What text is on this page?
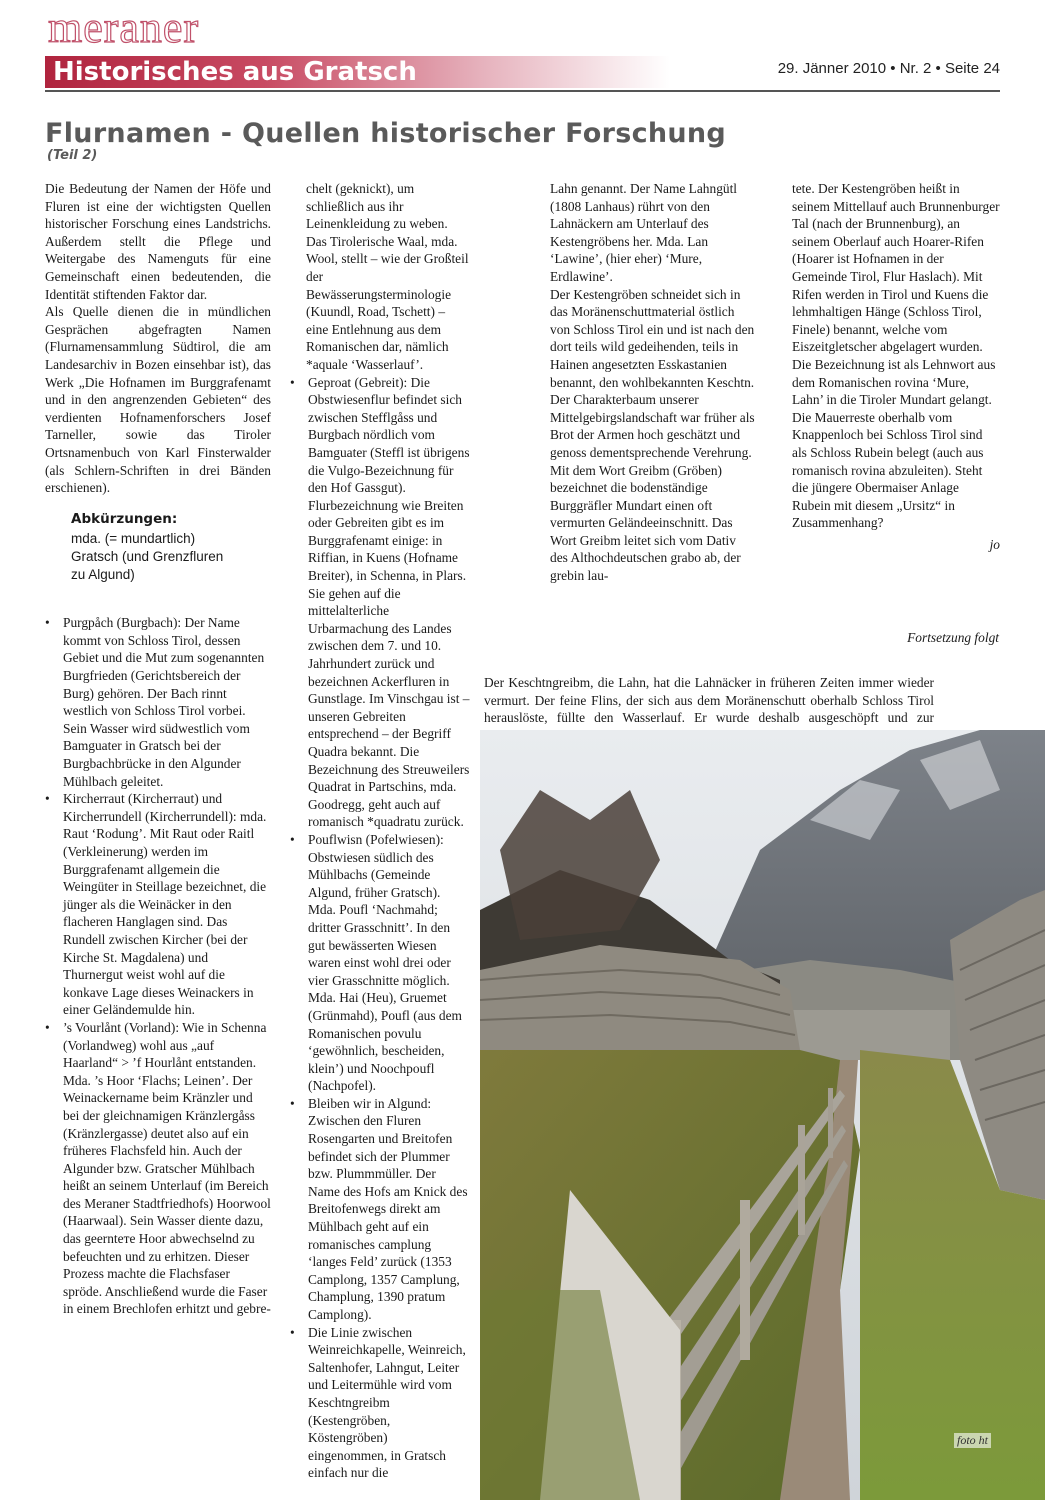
meraner
Historisches aus Gratsch	29. Jänner 2010 • Nr. 2 • Seite 24
Flurnamen - Quellen historischer Forschung
(Teil 2)

Die Bedeutung der Namen der Höfe und Fluren ist eine der wichtigsten Quellen historischer Forschung eines Landstrichs. Außerdem stellt die Pflege und Weitergabe des Namenguts für eine Gemeinschaft einen bedeutenden, die Identität stiftenden Faktor dar.

Als Quelle dienen die in mündlichen Gesprächen abgefragten Namen (Flurnamensammlung Südtirol, die am Landesarchiv in Bozen einsehbar ist), das Werk „Die Hofnamen im Burggrafenamt und in den angrenzenden Gebieten“ des verdienten Hofnamenforschers Josef Tarneller, sowie das Tiroler Ortsnamenbuch von Karl Finsterwalder (als Schlern-Schriften in drei Bänden erschienen).

Abkürzungen:
mda. (= mundartlich)
Gratsch (und Grenzfluren
zu Algund)
• Purgpåch (Burgbach): Der Name kommt von Schloss Tirol, dessen Gebiet und die Mut zum sogenannten Burgfrieden (Gerichtsbereich der Burg) gehören. Der Bach rinnt westlich von Schloss Tirol vorbei. Sein Wasser wird südwestlich vom Bamguater in Gratsch bei der Burgbachbrücke in den Algunder Mühlbach geleitet.
• Kircherraut (Kircherraut) und Kircherrundell (Kircherrundell): mda. Raut ‘Rodung’. Mit Raut oder Raitl (Verkleinerung) werden im Burggrafenamt allgemein die Weingüter in Steillage bezeichnet, die jünger als die Weinäcker in den flacheren Hanglagen sind. Das Rundell zwischen Kircher (bei der Kirche St. Magdalena) und Thurnergut weist wohl auf die konkave Lage dieses Weinackers in einer Geländemulde hin.
• ’s Vourlånt (Vorland): Wie in Schenna (Vorlandweg) wohl aus „auf Haarland“ > ’f Hourlånt entstanden. Mda. ’s Hoor ‘Flachs; Leinen’. Der Weinackername beim Kränzler und bei der gleichnamigen Kränzlergåss (Kränzlergasse) deutet also auf ein früheres Flachsfeld hin. Auch der Algunder bzw. Gratscher Mühlbach heißt an seinem Unterlauf (im Bereich des Meraner Stadtfriedhofs) Hoorwool (Haarwaal). Sein Wasser diente dazu, das geernteте Hoor abwechselnd zu befeuchten und zu erhitzen. Dieser Prozess machte die Flachsfaser spröde. Anschließend wurde die Faser in einem Brechlofen erhitzt und gebre-

chelt (geknickt), um schließlich aus ihr Leinenkleidung zu weben.

Das Tirolerische Waal, mda. Wool, stellt – wie der Großteil der Bewässerungsterminologie (Kuundl, Road, Tschett) – eine Entlehnung aus dem Romanischen dar, nämlich *aquale ‘Wasserlauf’.

• Geproat (Gebreit): Die Obstwiesenflur befindet sich zwischen Stefflgåss und Burgbach nördlich vom Bamguater (Steffl ist übrigens die Vulgo-Bezeichnung für den Hof Gassgut). Flurbezeichnung wie Breiten oder Gebreiten gibt es im Burggrafenamt einige: in Riffian, in Kuens (Hofname Breiter), in Schenna, in Plars. Sie gehen auf die mittelalterliche Urbarmachung des Landes zwischen dem 7. und 10. Jahrhundert zurück und bezeichnen Ackerfluren in Gunstlage. Im Vinschgau ist – unseren Gebreiten entsprechend – der Begriff Quadra bekannt. Die Bezeichnung des Streuweilers Quadrat in Partschins, mda. Goodregg, geht auch auf romanisch *quadratu zurück.
• Pouflwisn (Pofelwiesen): Obstwiesen südlich des Mühlbachs (Gemeinde Algund, früher Gratsch). Mda. Poufl ‘Nachmahd; dritter Grasschnitt’. In den gut bewässerten Wiesen waren einst wohl drei oder vier Grasschnitte möglich. Mda. Hai (Heu), Gruemet (Grünmahd), Poufl (aus dem Romanischen povulu ‘gewöhnlich, bescheiden, klein’) und Noochpoufl (Nachpofel).
• Bleiben wir in Algund: Zwischen den Fluren Rosengarten und Breitofen befindet sich der Plummer bzw. Plummmüller. Der Name des Hofs am Knick des Breitofenwegs direkt am Mühlbach geht auf ein romanisches camplung ‘langes Feld’ zurück (1353 Camplong, 1357 Camplung, Champlung, 1390 pratum Camplong).
• Die Linie zwischen Weinreichkapelle, Weinreich, Saltenhofer, Lahngut, Leiter und Leitermühle wird vom Keschtngreibm (Kestengröben, Köstengröben) eingenommen, in Gratsch einfach nur die

Lahn genannt. Der Name Lahngütl (1808 Lanhaus) rührt von den Lahnäckern am Unterlauf des Kestengröbens her. Mda. Lan ‘Lawine’, (hier eher) ‘Mure, Erdlawine’.

Der Kestengröben schneidet sich in das Moränenschuttmaterial östlich von Schloss Tirol ein und ist nach den dort teils wild gedeihenden, teils in Hainen angesetzten Esskastanien benannt, den wohlbekannten Keschtn. Der Charakterbaum unserer Mittelgebirgslandschaft war früher als Brot der Armen hoch geschätzt und genoss dementsprechende Verehrung.

Mit dem Wort Greibm (Gröben) bezeichnet die bodenständige Burggräfler Mundart einen oft vermurten Geländeeinschnitt. Das Wort Greibm leitet sich vom Dativ des Althochdeutschen grabo ab, der grebin lau-

tete. Der Kestengröben heißt in seinem Mittellauf auch Brunnenburger Tal (nach der Brunnenburg), an seinem Oberlauf auch Hoarer-Rifen (Hoarer ist Hofnamen in der Gemeinde Tirol, Flur Haslach). Mit Rifen werden in Tirol und Kuens die lehmhaltigen Hänge (Schloss Tirol, Finele) benannt, welche vom Eiszeitgletscher abgelagert wurden. Die Bezeichnung ist als Lehnwort aus dem Romanischen rovina ‘Mure, Lahn’ in die Tiroler Mundart gelangt.

Die Mauerreste oberhalb vom Knappenloch bei Schloss Tirol sind als Schloss Rubein belegt (auch aus romanisch rovina abzuleiten). Steht die jüngere Obermaiser Anlage Rubein mit diesem „Ursitz“ in Zusammenhang?

jo
Fortsetzung folgt
Der Keschtngreibm, die Lahn, hat die Lahnäcker in früheren Zeiten immer wieder vermurt. Der feine Flins, der sich aus dem Moränenschutt oberhalb Schloss Tirol herauslöste, füllte den Wasserlauf. Er wurde deshalb ausgeschöpft und zur
foto ht
